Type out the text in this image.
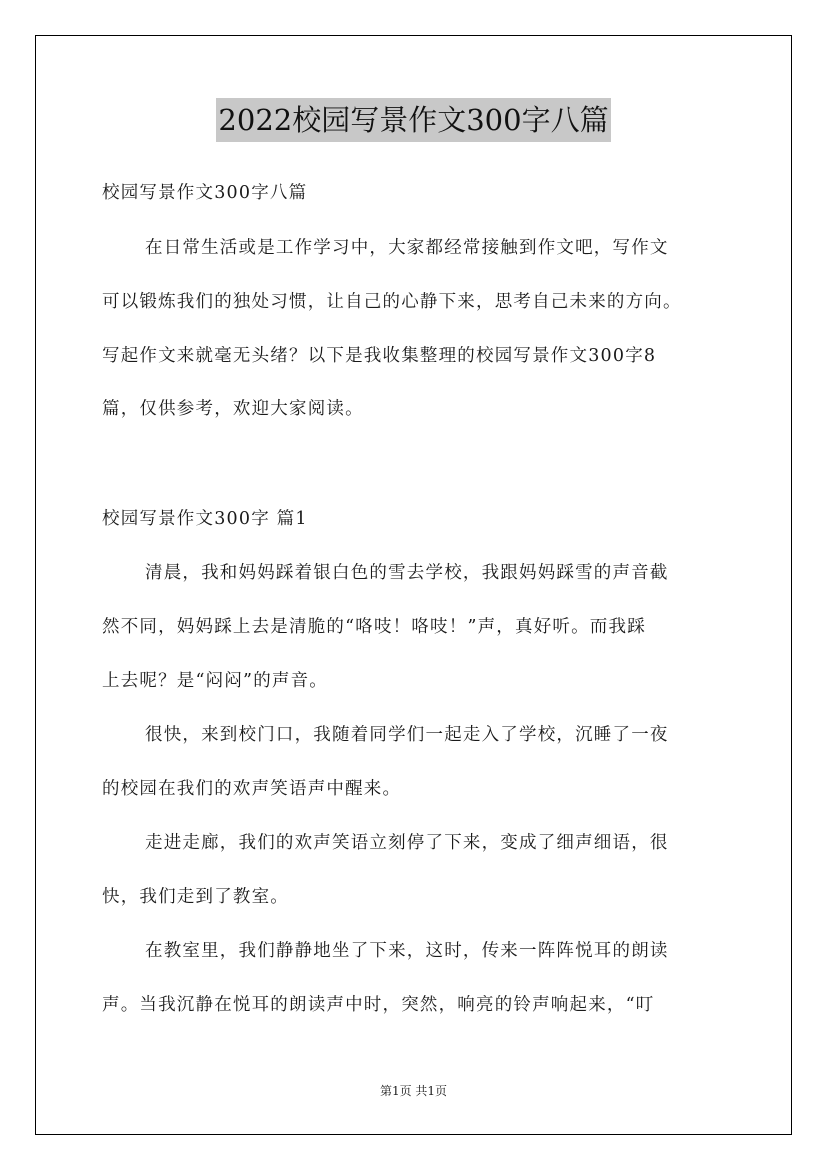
2022校园写景作文300字八篇
校园写景作文300字八篇
在日常生活或是工作学习中，大家都经常接触到作文吧，写作文
可以锻炼我们的独处习惯，让自己的心静下来，思考自己未来的方向。
写起作文来就毫无头绪？以下是我收集整理的校园写景作文300字8
篇，仅供参考，欢迎大家阅读。
校园写景作文300字 篇1
清晨，我和妈妈踩着银白色的雪去学校，我跟妈妈踩雪的声音截
然不同，妈妈踩上去是清脆的“咯吱！咯吱！”声，真好听。而我踩
上去呢？是“闷闷”的声音。
很快，来到校门口，我随着同学们一起走入了学校，沉睡了一夜
的校园在我们的欢声笑语声中醒来。
走进走廊，我们的欢声笑语立刻停了下来，变成了细声细语，很
快，我们走到了教室。
在教室里，我们静静地坐了下来，这时，传来一阵阵悦耳的朗读
声。当我沉静在悦耳的朗读声中时，突然，响亮的铃声响起来，“叮
第1页 共1页
